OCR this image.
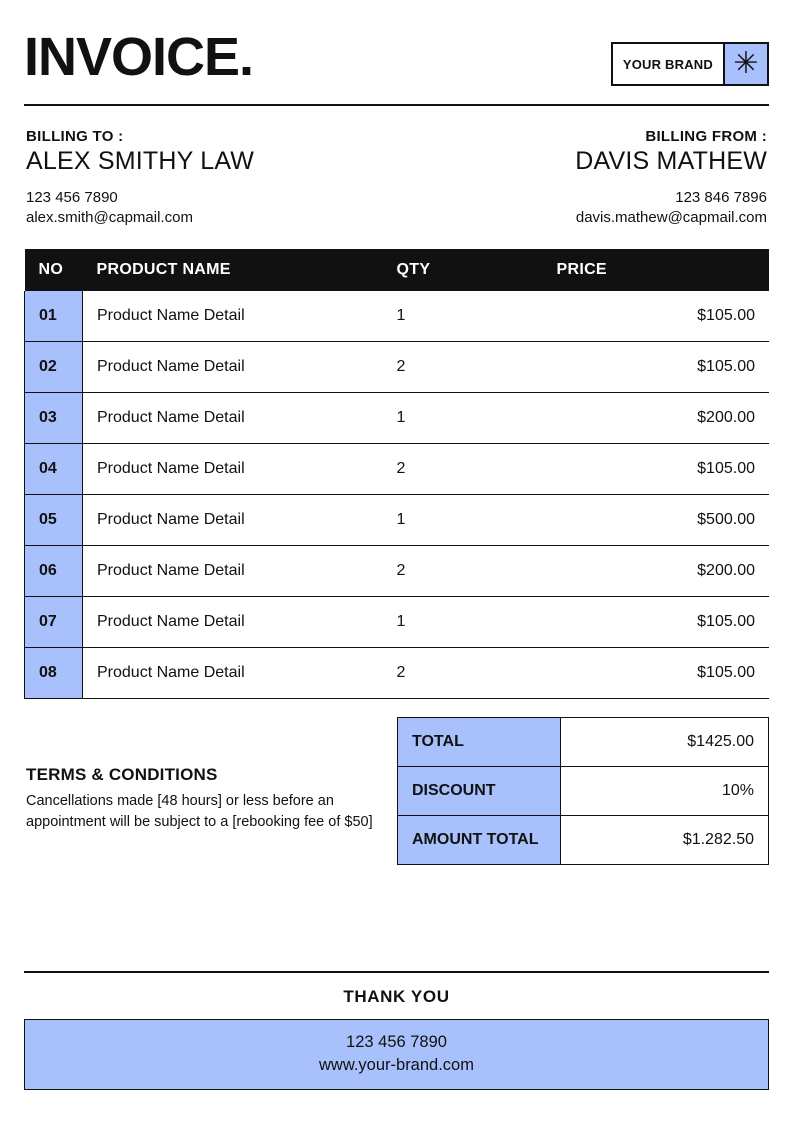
INVOICE.	YOUR BRAND ✳
BILLING TO :
ALEX SMITHY LAW
123 456 7890
alex.smith@capmail.com
BILLING FROM :
DAVIS MATHEW
123 846 7896
davis.mathew@capmail.com
NO	PRODUCT NAME	QTY	PRICE
01	Product Name Detail	1	$105.00
02	Product Name Detail	2	$105.00
03	Product Name Detail	1	$200.00
04	Product Name Detail	2	$105.00
05	Product Name Detail	1	$500.00
06	Product Name Detail	2	$200.00
07	Product Name Detail	1	$105.00
08	Product Name Detail	2	$105.00
TERMS & CONDITIONS
Cancellations made [48 hours] or less before an appointment will be subject to a [rebooking fee of $50]
TOTAL	$1425.00
DISCOUNT	10%
AMOUNT TOTAL	$1.282.50
THANK YOU
123 456 7890
www.your-brand.com
